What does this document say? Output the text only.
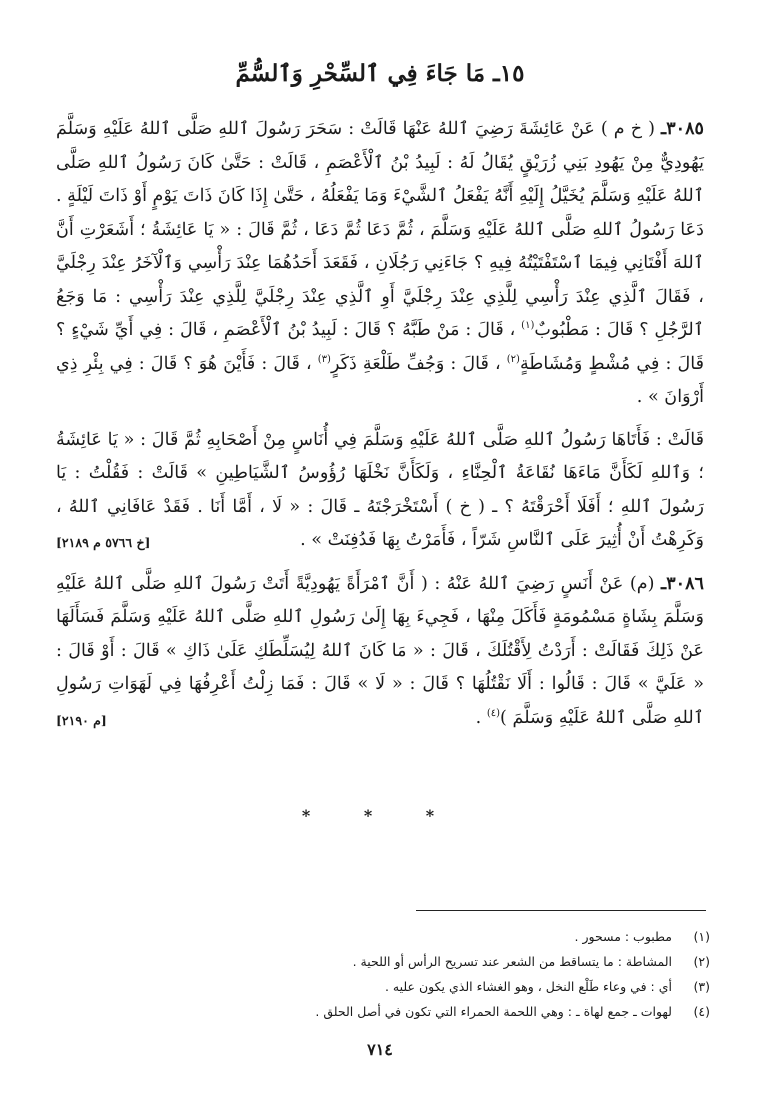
١٥ـ مَا جَاءَ فِي ٱلسِّحْرِ وَٱلسُّمِّ

٣٠٨٥ـ ( خ م ) عَنْ عَائِشَةَ رَضِيَ ٱللهُ عَنْهَا قَالَتْ : سَحَرَ رَسُولَ ٱللهِ صَلَّى ٱللهُ عَلَيْهِ وَسَلَّمَ يَهُودِيٌّ مِنْ يَهُودِ بَنِي زُرَيْقٍ يُقَالُ لَهُ : لَبِيدُ بْنُ ٱلْأَعْصَمِ ، قَالَتْ : حَتَّىٰ كَانَ رَسُولُ ٱللهِ صَلَّى ٱللهُ عَلَيْهِ وَسَلَّمَ يُخَيَّلُ إِلَيْهِ أَنَّهُ يَفْعَلُ ٱلشَّيْءَ وَمَا يَفْعَلُهُ ، حَتَّىٰ إِذَا كَانَ ذَاتَ يَوْمٍ أَوْ ذَاتَ لَيْلَةٍ . دَعَا رَسُولُ ٱللهِ صَلَّى ٱللهُ عَلَيْهِ وَسَلَّمَ ، ثُمَّ دَعَا ثُمَّ دَعَا ، ثُمَّ قَالَ : « يَا عَائِشَةُ ؛ أَشَعَرْتِ أَنَّ ٱللهَ أَفْتَانِي فِيمَا ٱسْتَفْتَيْتُهُ فِيهِ ؟ جَاءَنِي رَجُلَانِ ، فَقَعَدَ أَحَدُهُمَا عِنْدَ رَأْسِي وَٱلْآخَرُ عِنْدَ رِجْلَيَّ ، فَقَالَ ٱلَّذِي عِنْدَ رَأْسِي لِلَّذِي عِنْدَ رِجْلَيَّ أَوِ ٱلَّذِي عِنْدَ رِجْلَيَّ لِلَّذِي عِنْدَ رَأْسِي : مَا وَجَعُ ٱلرَّجُلِ ؟ قَالَ : مَطْبُوبٌ$^{(١)}$ ، قَالَ : مَنْ طَبَّهُ ؟ قَالَ : لَبِيدُ بْنُ ٱلْأَعْصَمِ ، قَالَ : فِي أَيِّ شَيْءٍ ؟ قَالَ : فِي مُشْطٍ وَمُشَاطَةٍ$^{(٢)}$ ، قَالَ : وَجُفِّ طَلْعَةِ ذَكَرٍ$^{(٣)}$ ، قَالَ : فَأَيْنَ هُوَ ؟ قَالَ : فِي بِئْرِ ذِي أَرْوَانَ » .

قَالَتْ : فَأَتَاهَا رَسُولُ ٱللهِ صَلَّى ٱللهُ عَلَيْهِ وَسَلَّمَ فِي أُنَاسٍ مِنْ أَصْحَابِهِ ثُمَّ قَالَ : « يَا عَائِشَةُ ؛ وَٱللهِ لَكَأَنَّ مَاءَهَا نُقَاعَةُ ٱلْحِنَّاءِ ، وَلَكَأَنَّ نَخْلَهَا رُؤُوسُ ٱلشَّيَاطِينِ » قَالَتْ : فَقُلْتُ : يَا رَسُولَ ٱللهِ ؛ أَفَلَا أَحْرَقْتَهُ ؟ ـ ( خ ) أَسْتَخْرَجْتَهُ ـ قَالَ : « لَا ، أَمَّا أَنَا . فَقَدْ عَافَانِي ٱللهُ ، وَكَرِهْتُ أَنْ أُثِيرَ عَلَى ٱلنَّاسِ شَرّاً ، فَأَمَرْتُ بِهَا فَدُفِنَتْ » .
[خ ٥٧٦٦ م ٢١٨٩]

٣٠٨٦ـ (م) عَنْ أَنَسٍ رَضِيَ ٱللهُ عَنْهُ : ( أَنَّ ٱمْرَأَةً يَهُودِيَّةً أَتَتْ رَسُولَ ٱللهِ صَلَّى ٱللهُ عَلَيْهِ وَسَلَّمَ بِشَاةٍ مَسْمُومَةٍ فَأَكَلَ مِنْهَا ، فَجِيءَ بِهَا إِلَىٰ رَسُولِ ٱللهِ صَلَّى ٱللهُ عَلَيْهِ وَسَلَّمَ فَسَأَلَهَا عَنْ ذَلِكَ فَقَالَتْ : أَرَدْتُ لِأَقْتُلَكَ ، قَالَ : « مَا كَانَ ٱللهُ لِيُسَلِّطَكِ عَلَىٰ ذَاكِ » قَالَ : أَوْ قَالَ : « عَلَيَّ » قَالَ : قَالُوا : أَلَا نَقْتُلُهَا ؟ قَالَ : « لَا » قَالَ : فَمَا زِلْتُ أَعْرِفُهَا فِي لَهَوَاتِ رَسُولِ ٱللهِ صَلَّى ٱللهُ عَلَيْهِ وَسَلَّمَ )$^{(٤)}$ .
[م ٢١٩٠]

* * *
(١)
مطبوب : مسحور .
(٢)
المشاطة : ما يتساقط من الشعر عند تسريح الرأس أو اللحية .
(٣)
أي : في وعاء طَلْع النخل ، وهو الغشاء الذي يكون عليه .
(٤)
لهوات ـ جمع لهاة ـ : وهي اللحمة الحمراء التي تكون في أصل الحلق .
٧١٤
